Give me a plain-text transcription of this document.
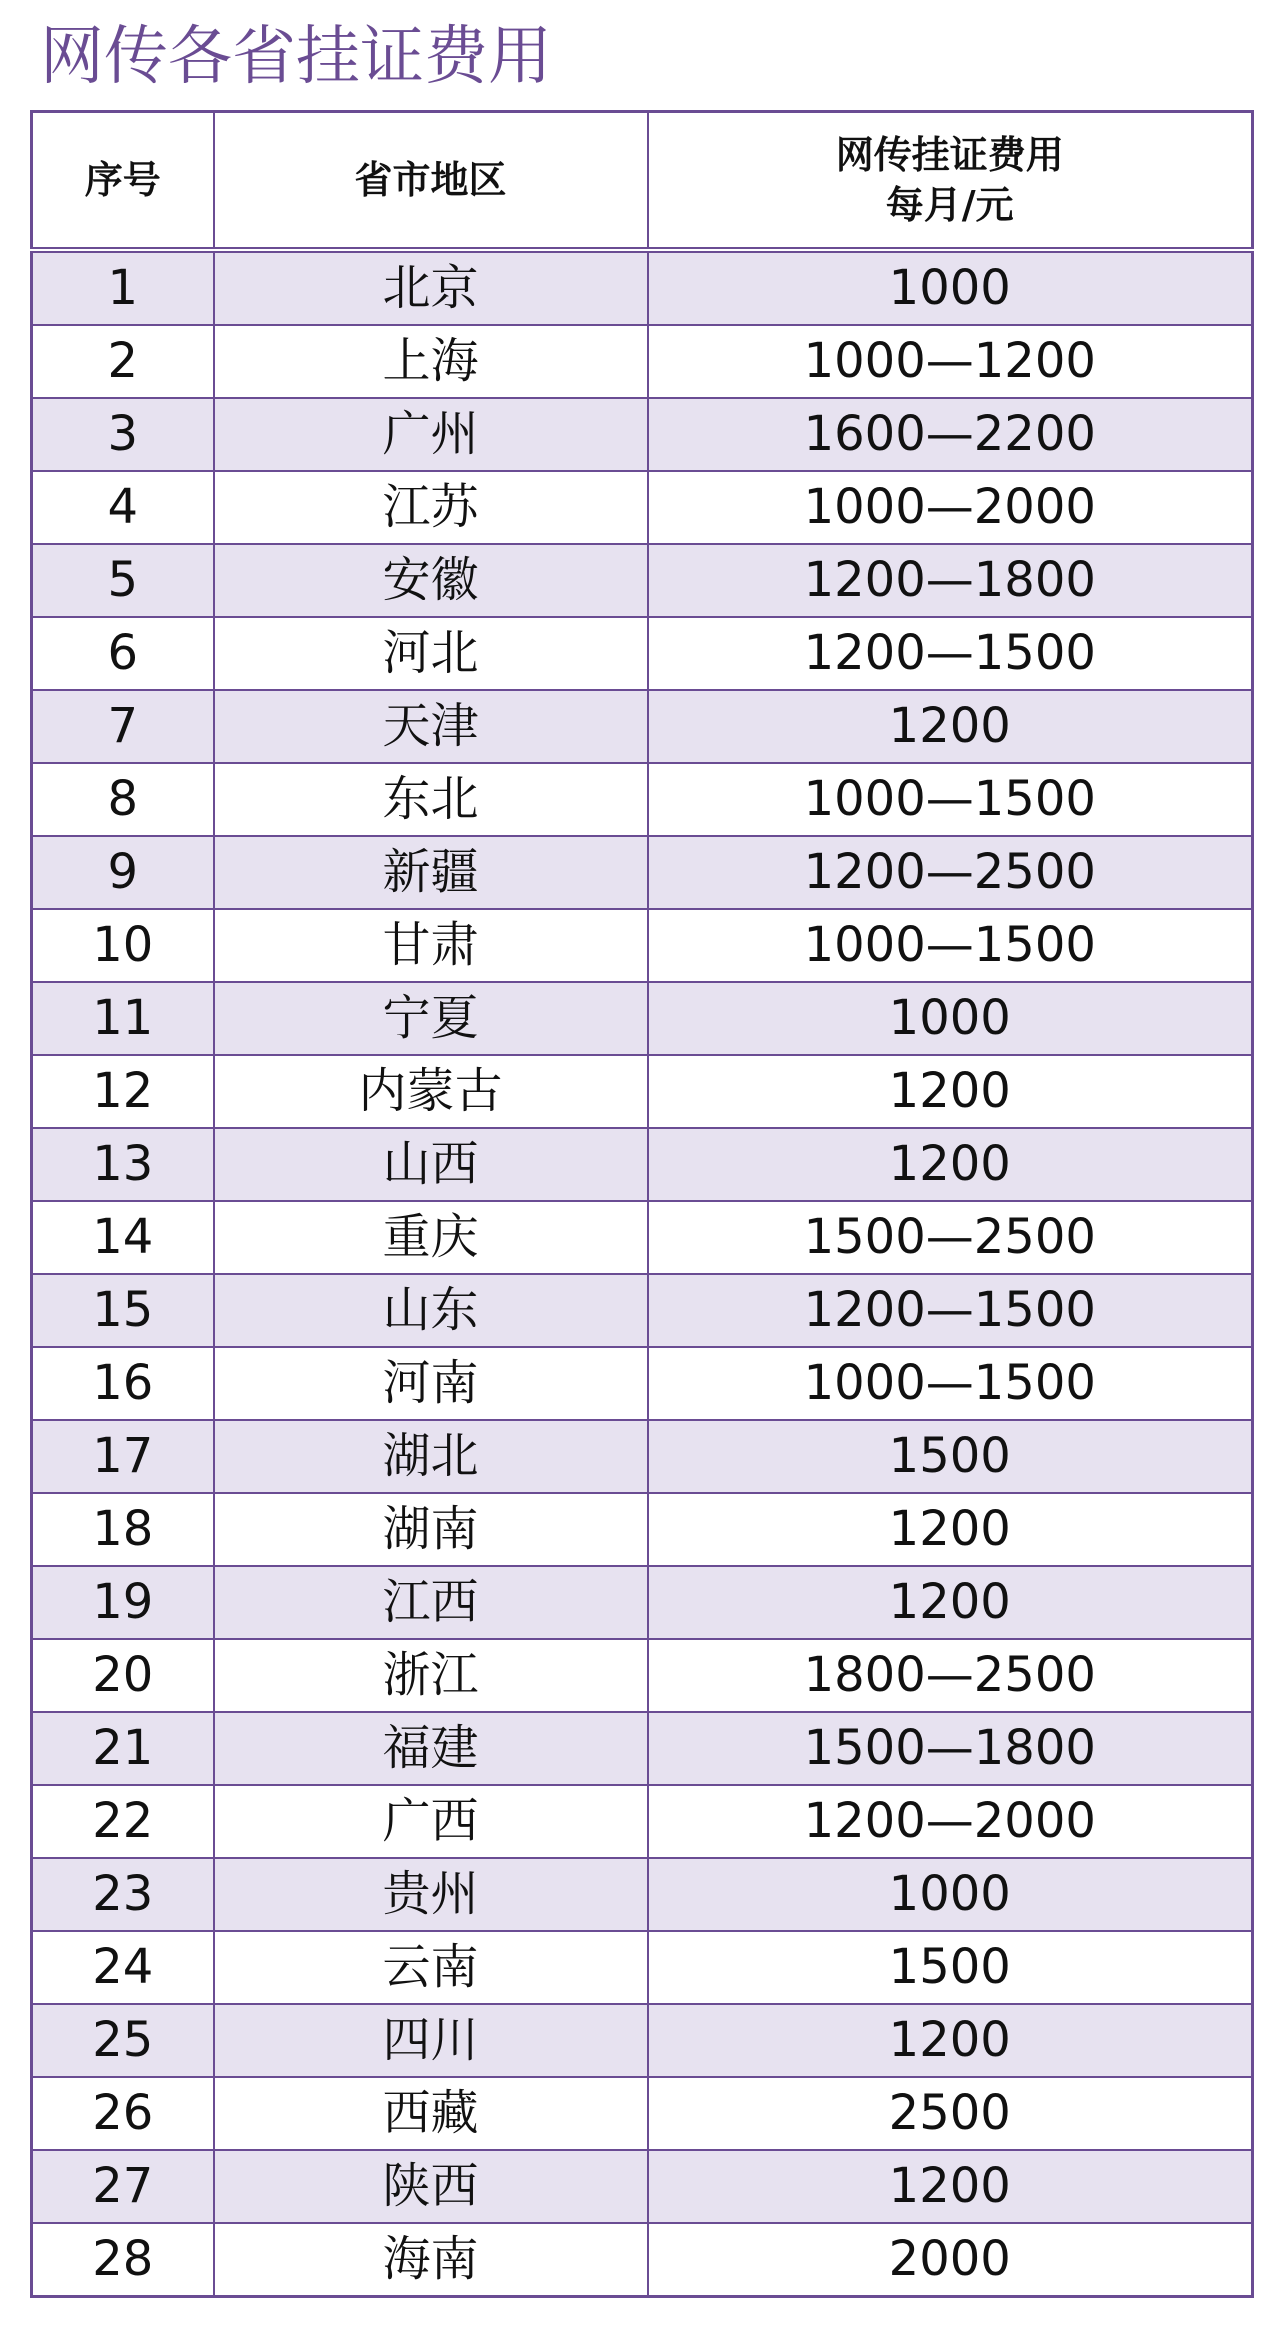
网传各省挂证费用
序号	省市地区	网传挂证费用
每月/元

1	北京	1000
2	上海	1000—1200
3	广州	1600—2200
4	江苏	1000—2000
5	安徽	1200—1800
6	河北	1200—1500
7	天津	1200
8	东北	1000—1500
9	新疆	1200—2500
10	甘肃	1000—1500
11	宁夏	1000
12	内蒙古	1200
13	山西	1200
14	重庆	1500—2500
15	山东	1200—1500
16	河南	1000—1500
17	湖北	1500
18	湖南	1200
19	江西	1200
20	浙江	1800—2500
21	福建	1500—1800
22	广西	1200—2000
23	贵州	1000
24	云南	1500
25	四川	1200
26	西藏	2500
27	陕西	1200
28	海南	2000
